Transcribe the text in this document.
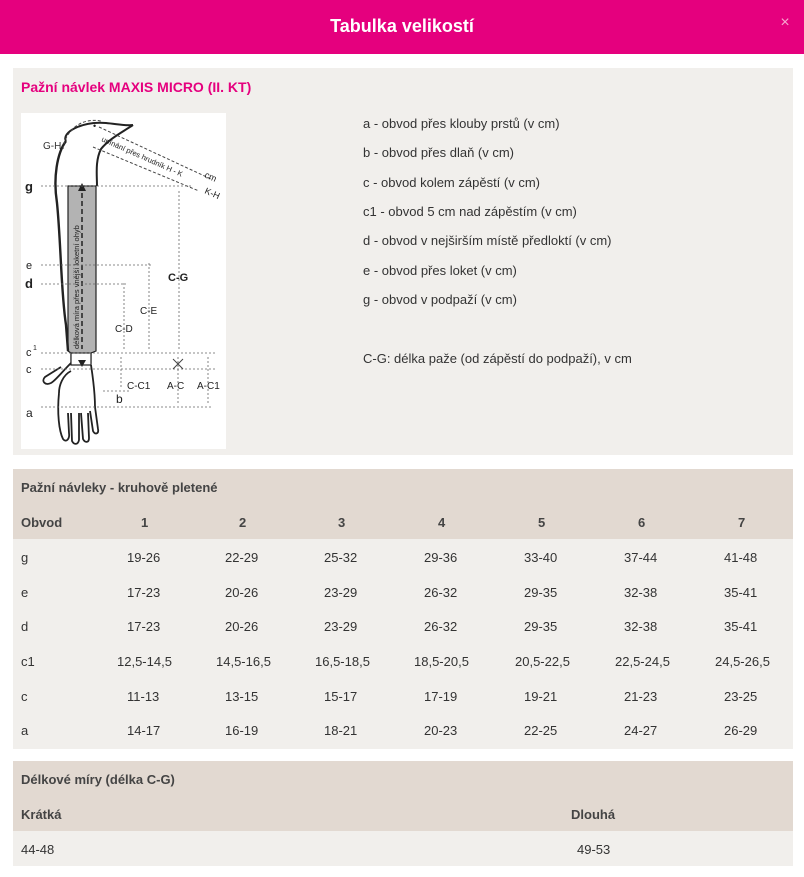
Tabulka velikostí	×
Pažní návlek MAXIS MICRO (II. KT)
G-H
g
e
d
c 1
c
b
a
C-G
C-E
C-D
C-C1 A-C A-C1
K-H
cm
upínání přes hrudník H - K
délková míra přes vnější loketní ohyb
•	a - obvod přes klouby prstů (v cm)
b - obvod přes dlaň (v cm)
c - obvod kolem zápěstí (v cm)
c1 - obvod 5 cm nad zápěstím (v cm)
d - obvod v nejširším místě předloktí (v cm)
e - obvod přes loket (v cm)
g - obvod v podpaží (v cm)
C-G: délka paže (od zápěstí do podpaží), v cm
Pažní návleky - kruhově pletené
Obvod	1	2	3	4	5	6	7
g	19-26	22-29	25-32	29-36	33-40	37-44	41-48
e	17-23	20-26	23-29	26-32	29-35	32-38	35-41
d	17-23	20-26	23-29	26-32	29-35	32-38	35-41
c1	12,5-14,5	14,5-16,5	16,5-18,5	18,5-20,5	20,5-22,5	22,5-24,5	24,5-26,5
c	11-13	13-15	15-17	17-19	19-21	21-23	23-25
a	14-17	16-19	18-21	20-23	22-25	24-27	26-29
Délkové míry (délka C-G)
Krátká	Dlouhá
44-48	49-53
